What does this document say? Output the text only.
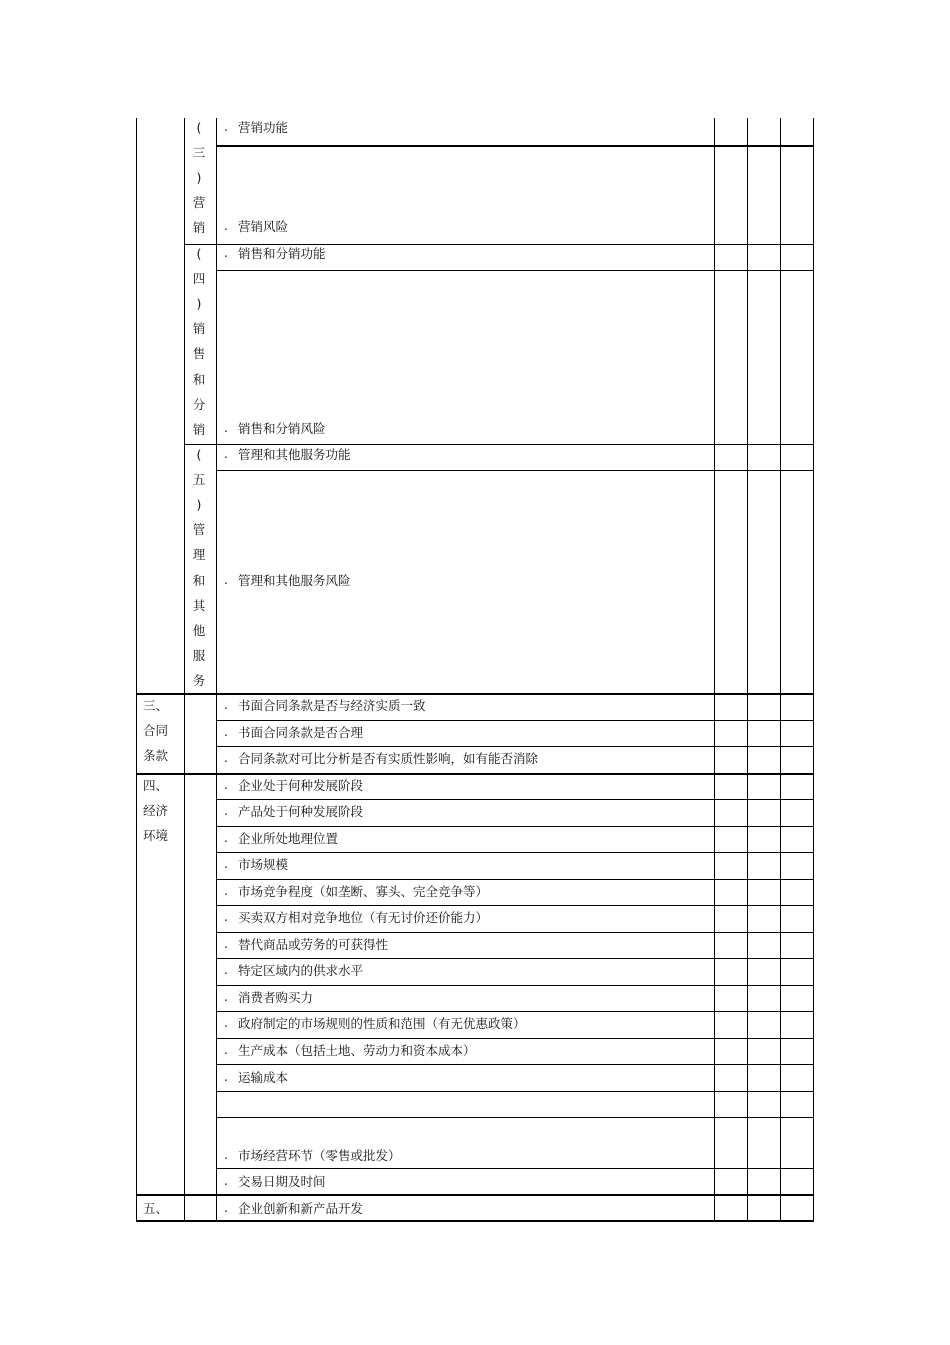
. 营销功能
. 营销风险
. 销售和分销功能
. 销售和分销风险
. 管理和其他服务功能
. 管理和其他服务风险
. 书面合同条款是否与经济实质一致
. 书面合同条款是否合理
. 合同条款对可比分析是否有实质性影响，如有能否消除
. 企业处于何种发展阶段
. 产品处于何种发展阶段
. 企业所处地理位置
. 市场规模
. 市场竞争程度（如垄断、寡头、完全竞争等）
. 买卖双方相对竞争地位（有无讨价还价能力）
. 替代商品或劳务的可获得性
. 特定区域内的供求水平
. 消费者购买力
. 政府制定的市场规则的性质和范围（有无优惠政策）
. 生产成本（包括土地、劳动力和资本成本）
. 运输成本
. 市场经营环节（零售或批发）
. 交易日期及时间
. 企业创新和新产品开发
(
三
)
营
销
(
四
)
销
售
和
分
销
(
五
)
管
理
和
其
他
服
务
三、
合同
条款
四、
经济
环境
五、
